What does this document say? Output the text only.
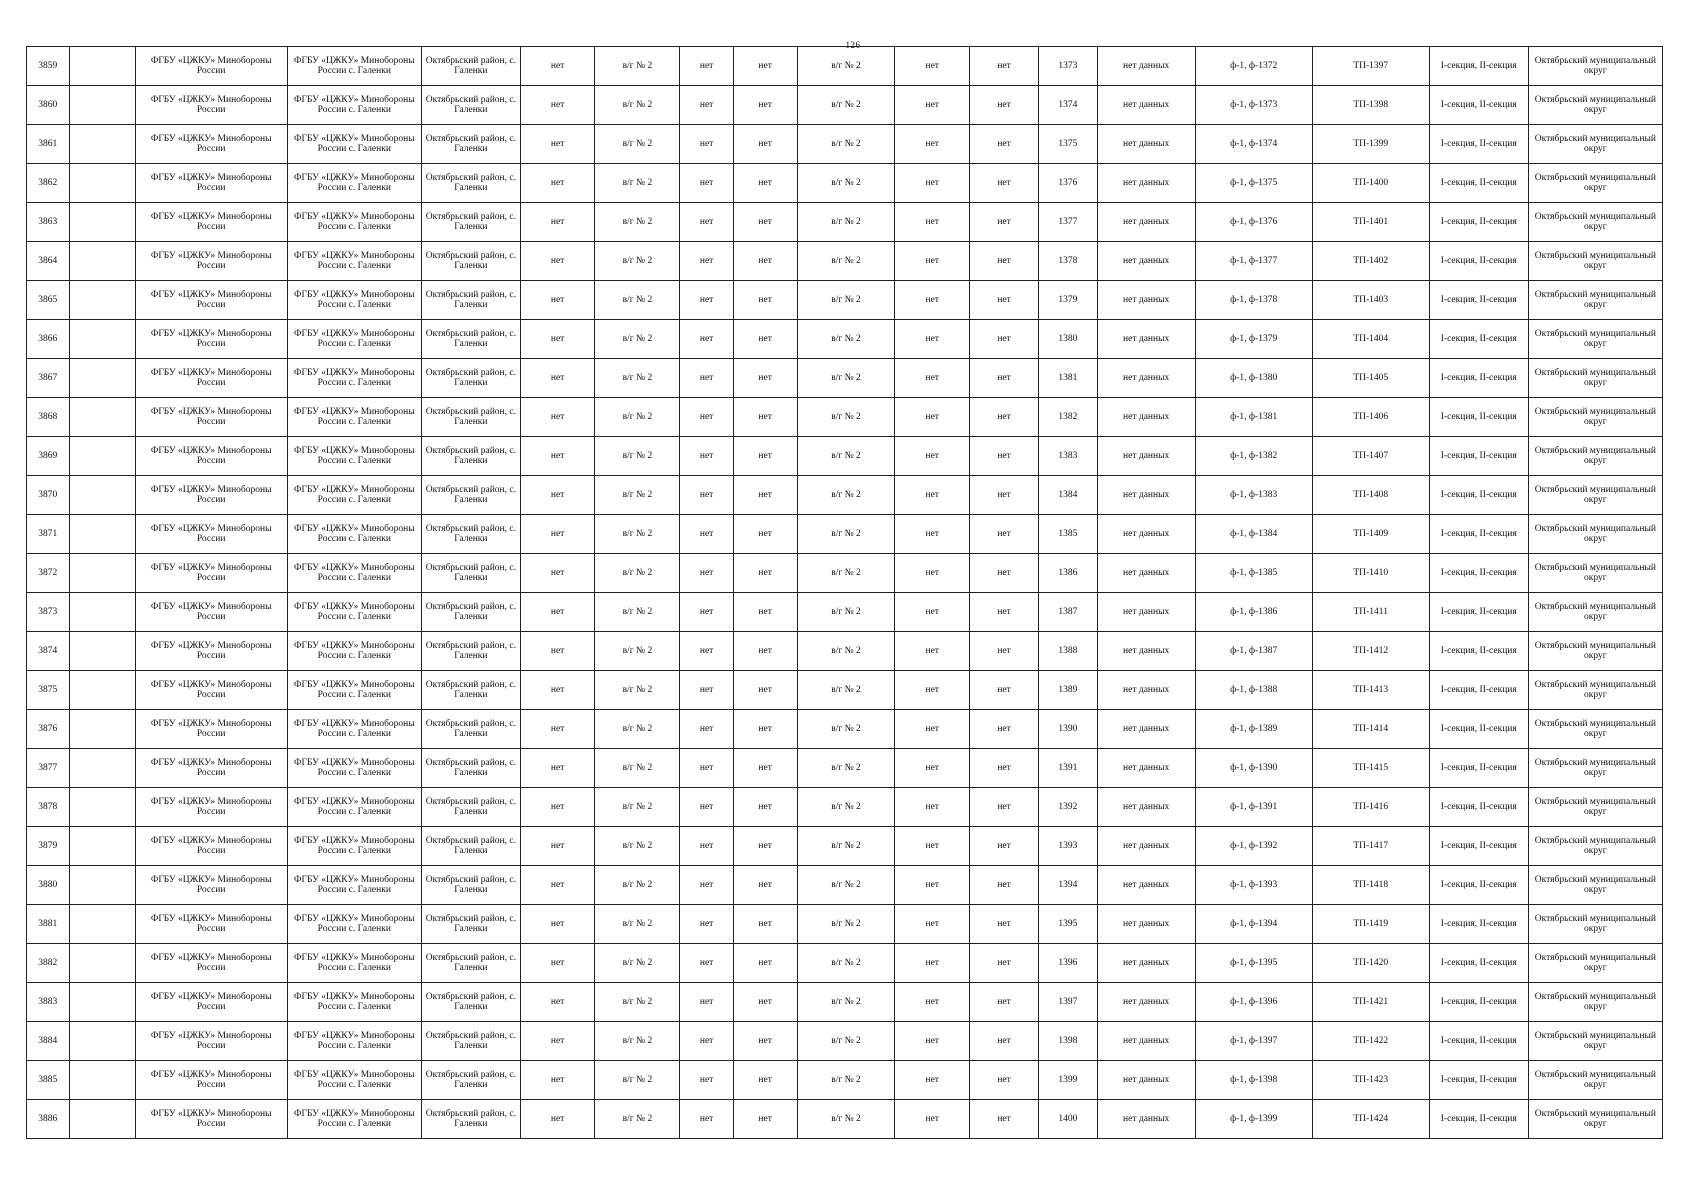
126
3859		ФГБУ «ЦЖКУ» Минобороны России	ФГБУ «ЦЖКУ» Минобороны России с. Галенки	Октябрьский район, с. Галенки	нет	в/г № 2	нет	нет	в/г № 2	нет	нет	1373	нет данных	ф-1, ф-1372	ТП-1397	I-секция, II-секция	Октябрьский муниципальный округ
3860		ФГБУ «ЦЖКУ» Минобороны России	ФГБУ «ЦЖКУ» Минобороны России с. Галенки	Октябрьский район, с. Галенки	нет	в/г № 2	нет	нет	в/г № 2	нет	нет	1374	нет данных	ф-1, ф-1373	ТП-1398	I-секция, II-секция	Октябрьский муниципальный округ
3861		ФГБУ «ЦЖКУ» Минобороны России	ФГБУ «ЦЖКУ» Минобороны России с. Галенки	Октябрьский район, с. Галенки	нет	в/г № 2	нет	нет	в/г № 2	нет	нет	1375	нет данных	ф-1, ф-1374	ТП-1399	I-секция, II-секция	Октябрьский муниципальный округ
3862		ФГБУ «ЦЖКУ» Минобороны России	ФГБУ «ЦЖКУ» Минобороны России с. Галенки	Октябрьский район, с. Галенки	нет	в/г № 2	нет	нет	в/г № 2	нет	нет	1376	нет данных	ф-1, ф-1375	ТП-1400	I-секция, II-секция	Октябрьский муниципальный округ
3863		ФГБУ «ЦЖКУ» Минобороны России	ФГБУ «ЦЖКУ» Минобороны России с. Галенки	Октябрьский район, с. Галенки	нет	в/г № 2	нет	нет	в/г № 2	нет	нет	1377	нет данных	ф-1, ф-1376	ТП-1401	I-секция, II-секция	Октябрьский муниципальный округ
3864		ФГБУ «ЦЖКУ» Минобороны России	ФГБУ «ЦЖКУ» Минобороны России с. Галенки	Октябрьский район, с. Галенки	нет	в/г № 2	нет	нет	в/г № 2	нет	нет	1378	нет данных	ф-1, ф-1377	ТП-1402	I-секция, II-секция	Октябрьский муниципальный округ
3865		ФГБУ «ЦЖКУ» Минобороны России	ФГБУ «ЦЖКУ» Минобороны России с. Галенки	Октябрьский район, с. Галенки	нет	в/г № 2	нет	нет	в/г № 2	нет	нет	1379	нет данных	ф-1, ф-1378	ТП-1403	I-секция, II-секция	Октябрьский муниципальный округ
3866		ФГБУ «ЦЖКУ» Минобороны России	ФГБУ «ЦЖКУ» Минобороны России с. Галенки	Октябрьский район, с. Галенки	нет	в/г № 2	нет	нет	в/г № 2	нет	нет	1380	нет данных	ф-1, ф-1379	ТП-1404	I-секция, II-секция	Октябрьский муниципальный округ
3867		ФГБУ «ЦЖКУ» Минобороны России	ФГБУ «ЦЖКУ» Минобороны России с. Галенки	Октябрьский район, с. Галенки	нет	в/г № 2	нет	нет	в/г № 2	нет	нет	1381	нет данных	ф-1, ф-1380	ТП-1405	I-секция, II-секция	Октябрьский муниципальный округ
3868		ФГБУ «ЦЖКУ» Минобороны России	ФГБУ «ЦЖКУ» Минобороны России с. Галенки	Октябрьский район, с. Галенки	нет	в/г № 2	нет	нет	в/г № 2	нет	нет	1382	нет данных	ф-1, ф-1381	ТП-1406	I-секция, II-секция	Октябрьский муниципальный округ
3869		ФГБУ «ЦЖКУ» Минобороны России	ФГБУ «ЦЖКУ» Минобороны России с. Галенки	Октябрьский район, с. Галенки	нет	в/г № 2	нет	нет	в/г № 2	нет	нет	1383	нет данных	ф-1, ф-1382	ТП-1407	I-секция, II-секция	Октябрьский муниципальный округ
3870		ФГБУ «ЦЖКУ» Минобороны России	ФГБУ «ЦЖКУ» Минобороны России с. Галенки	Октябрьский район, с. Галенки	нет	в/г № 2	нет	нет	в/г № 2	нет	нет	1384	нет данных	ф-1, ф-1383	ТП-1408	I-секция, II-секция	Октябрьский муниципальный округ
3871		ФГБУ «ЦЖКУ» Минобороны России	ФГБУ «ЦЖКУ» Минобороны России с. Галенки	Октябрьский район, с. Галенки	нет	в/г № 2	нет	нет	в/г № 2	нет	нет	1385	нет данных	ф-1, ф-1384	ТП-1409	I-секция, II-секция	Октябрьский муниципальный округ
3872		ФГБУ «ЦЖКУ» Минобороны России	ФГБУ «ЦЖКУ» Минобороны России с. Галенки	Октябрьский район, с. Галенки	нет	в/г № 2	нет	нет	в/г № 2	нет	нет	1386	нет данных	ф-1, ф-1385	ТП-1410	I-секция, II-секция	Октябрьский муниципальный округ
3873		ФГБУ «ЦЖКУ» Минобороны России	ФГБУ «ЦЖКУ» Минобороны России с. Галенки	Октябрьский район, с. Галенки	нет	в/г № 2	нет	нет	в/г № 2	нет	нет	1387	нет данных	ф-1, ф-1386	ТП-1411	I-секция, II-секция	Октябрьский муниципальный округ
3874		ФГБУ «ЦЖКУ» Минобороны России	ФГБУ «ЦЖКУ» Минобороны России с. Галенки	Октябрьский район, с. Галенки	нет	в/г № 2	нет	нет	в/г № 2	нет	нет	1388	нет данных	ф-1, ф-1387	ТП-1412	I-секция, II-секция	Октябрьский муниципальный округ
3875		ФГБУ «ЦЖКУ» Минобороны России	ФГБУ «ЦЖКУ» Минобороны России с. Галенки	Октябрьский район, с. Галенки	нет	в/г № 2	нет	нет	в/г № 2	нет	нет	1389	нет данных	ф-1, ф-1388	ТП-1413	I-секция, II-секция	Октябрьский муниципальный округ
3876		ФГБУ «ЦЖКУ» Минобороны России	ФГБУ «ЦЖКУ» Минобороны России с. Галенки	Октябрьский район, с. Галенки	нет	в/г № 2	нет	нет	в/г № 2	нет	нет	1390	нет данных	ф-1, ф-1389	ТП-1414	I-секция, II-секция	Октябрьский муниципальный округ
3877		ФГБУ «ЦЖКУ» Минобороны России	ФГБУ «ЦЖКУ» Минобороны России с. Галенки	Октябрьский район, с. Галенки	нет	в/г № 2	нет	нет	в/г № 2	нет	нет	1391	нет данных	ф-1, ф-1390	ТП-1415	I-секция, II-секция	Октябрьский муниципальный округ
3878		ФГБУ «ЦЖКУ» Минобороны России	ФГБУ «ЦЖКУ» Минобороны России с. Галенки	Октябрьский район, с. Галенки	нет	в/г № 2	нет	нет	в/г № 2	нет	нет	1392	нет данных	ф-1, ф-1391	ТП-1416	I-секция, II-секция	Октябрьский муниципальный округ
3879		ФГБУ «ЦЖКУ» Минобороны России	ФГБУ «ЦЖКУ» Минобороны России с. Галенки	Октябрьский район, с. Галенки	нет	в/г № 2	нет	нет	в/г № 2	нет	нет	1393	нет данных	ф-1, ф-1392	ТП-1417	I-секция, II-секция	Октябрьский муниципальный округ
3880		ФГБУ «ЦЖКУ» Минобороны России	ФГБУ «ЦЖКУ» Минобороны России с. Галенки	Октябрьский район, с. Галенки	нет	в/г № 2	нет	нет	в/г № 2	нет	нет	1394	нет данных	ф-1, ф-1393	ТП-1418	I-секция, II-секция	Октябрьский муниципальный округ
3881		ФГБУ «ЦЖКУ» Минобороны России	ФГБУ «ЦЖКУ» Минобороны России с. Галенки	Октябрьский район, с. Галенки	нет	в/г № 2	нет	нет	в/г № 2	нет	нет	1395	нет данных	ф-1, ф-1394	ТП-1419	I-секция, II-секция	Октябрьский муниципальный округ
3882		ФГБУ «ЦЖКУ» Минобороны России	ФГБУ «ЦЖКУ» Минобороны России с. Галенки	Октябрьский район, с. Галенки	нет	в/г № 2	нет	нет	в/г № 2	нет	нет	1396	нет данных	ф-1, ф-1395	ТП-1420	I-секция, II-секция	Октябрьский муниципальный округ
3883		ФГБУ «ЦЖКУ» Минобороны России	ФГБУ «ЦЖКУ» Минобороны России с. Галенки	Октябрьский район, с. Галенки	нет	в/г № 2	нет	нет	в/г № 2	нет	нет	1397	нет данных	ф-1, ф-1396	ТП-1421	I-секция, II-секция	Октябрьский муниципальный округ
3884		ФГБУ «ЦЖКУ» Минобороны России	ФГБУ «ЦЖКУ» Минобороны России с. Галенки	Октябрьский район, с. Галенки	нет	в/г № 2	нет	нет	в/г № 2	нет	нет	1398	нет данных	ф-1, ф-1397	ТП-1422	I-секция, II-секция	Октябрьский муниципальный округ
3885		ФГБУ «ЦЖКУ» Минобороны России	ФГБУ «ЦЖКУ» Минобороны России с. Галенки	Октябрьский район, с. Галенки	нет	в/г № 2	нет	нет	в/г № 2	нет	нет	1399	нет данных	ф-1, ф-1398	ТП-1423	I-секция, II-секция	Октябрьский муниципальный округ
3886		ФГБУ «ЦЖКУ» Минобороны России	ФГБУ «ЦЖКУ» Минобороны России с. Галенки	Октябрьский район, с. Галенки	нет	в/г № 2	нет	нет	в/г № 2	нет	нет	1400	нет данных	ф-1, ф-1399	ТП-1424	I-секция, II-секция	Октябрьский муниципальный округ
